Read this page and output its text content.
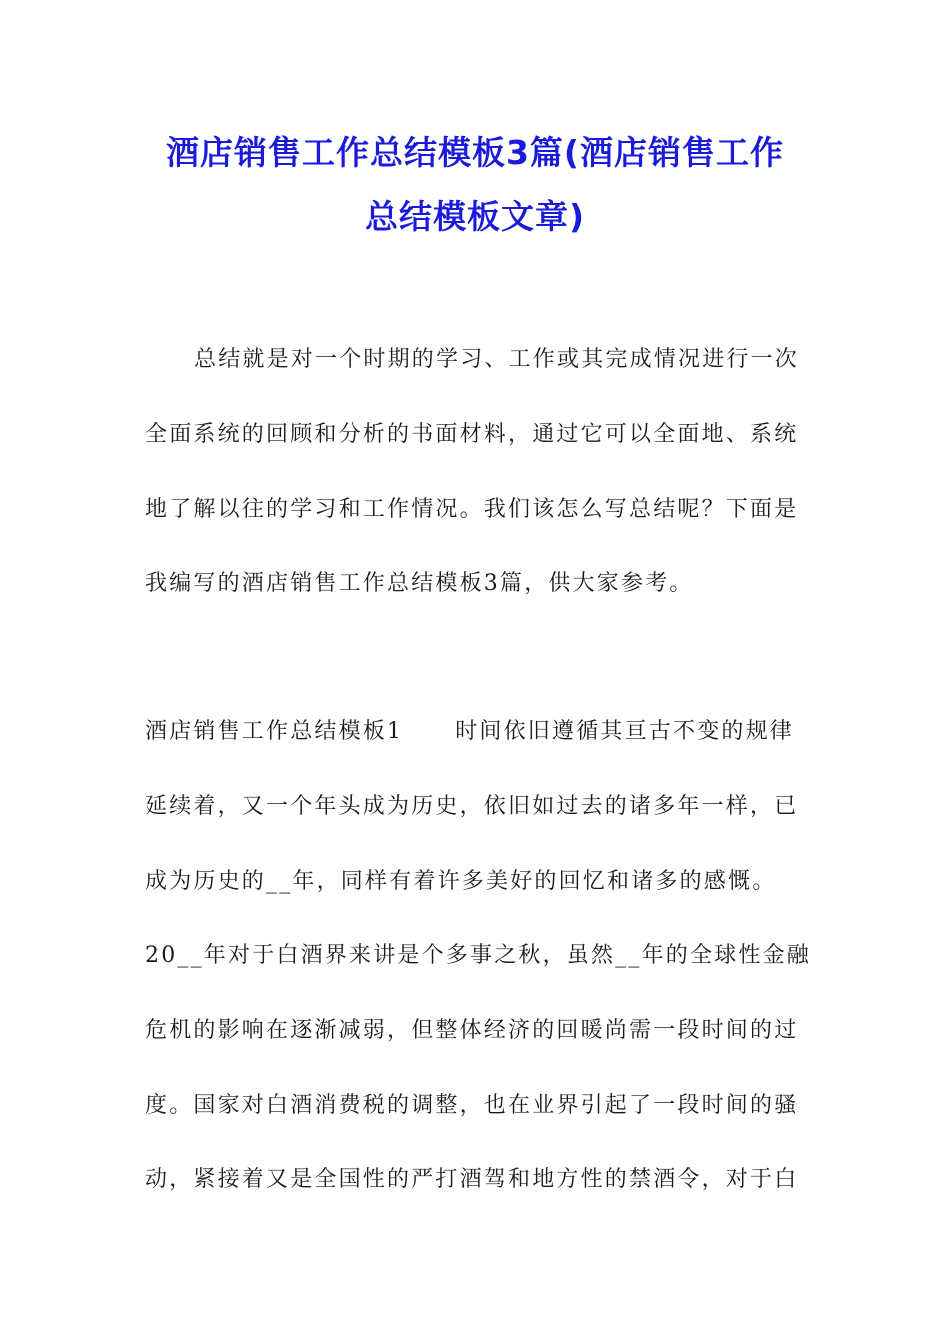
酒店销售工作总结模板3篇(酒店销售工作
总结模板文章)
总结就是对一个时期的学习、工作或其完成情况进行一次
全面系统的回顾和分析的书面材料，通过它可以全面地、系统
地了解以往的学习和工作情况。我们该怎么写总结呢？下面是
我编写的酒店销售工作总结模板3篇，供大家参考。
酒店销售工作总结模板1 时间依旧遵循其亘古不变的规律
延续着，又一个年头成为历史，依旧如过去的诸多年一样，已
成为历史的__年，同样有着许多美好的回忆和诸多的感慨。
20__年对于白酒界来讲是个多事之秋，虽然__年的全球性金融
危机的影响在逐渐减弱，但整体经济的回暖尚需一段时间的过
度。国家对白酒消费税的调整，也在业界引起了一段时间的骚
动，紧接着又是全国性的严打酒驾和地方性的禁酒令，对于白
